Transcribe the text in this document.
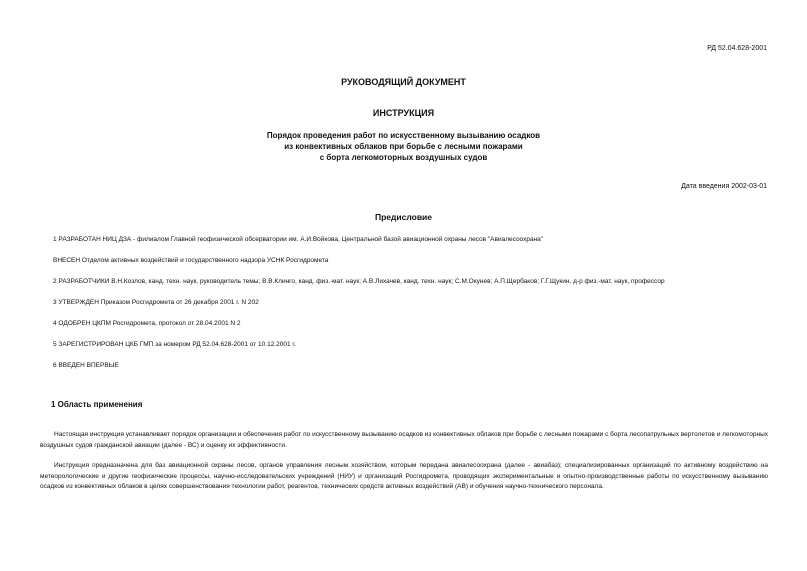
РД 52.04.628-2001
РУКОВОДЯЩИЙ ДОКУМЕНТ
ИНСТРУКЦИЯ
Порядок проведения работ по искусственному вызыванию осадков
из конвективных облаков при борьбе с лесными пожарами
с борта легкомоторных воздушных судов
Дата введения 2002-03-01
Предисловие
1 РАЗРАБОТАН НИЦ ДЗА - филиалом Главной геофизической обсерватории им. А.И.Войкова, Центральной базой авиационной охраны лесов "Авиалесоохрана"
ВНЕСЕН Отделом активных воздействий и государственного надзора УСНК Росгидромета
2 РАЗРАБОТЧИКИ В.Н.Козлов, канд. техн. наук, руководитель темы; В.В.Клинго, канд. физ.-мат. наук; А.В.Лихачев, канд. техн. наук; С.М.Окунев; А.П.Щербаков; Г.Г.Щукин, д-р физ.-мат. наук, профессор
3 УТВЕРЖДЕН Приказом Росгидромета от 26 декабря 2001 г. N 202
4 ОДОБРЕН ЦКПМ Росгидромета, протокол от 28.04.2001 N 2
5 ЗАРЕГИСТРИРОВАН ЦКБ ГМП за номером РД 52.04.628-2001 от 10.12.2001 г.
6 ВВЕДЕН ВПЕРВЫЕ
1 Область применения

Настоящая инструкция устанавливает порядок организации и обеспечения работ по искусственному вызыванию осадков из конвективных облаков при борьбе с лесными пожарами с борта лесопатрульных вертолетов и легкомоторных воздушных судов гражданской авиации (далее - ВС) и оценку их эффективности.

Инструкция предназначена для баз авиационной охраны лесов, органов управления лесным хозяйством, которым передана авиалесоохрана (далее - авиабаз); специализированных организаций по активному воздействию на метеорологические и другие геофизические процессы, научно-исследовательских учреждений (НИУ) и организаций Росгидромета, проводящих экспериментальные и опытно-производственные работы по искусственному вызыванию осадков из конвективных облаков в целях совершенствования технологии работ, реагентов, технических средств активных воздействий (АВ) и обучения научно-технического персонала.
